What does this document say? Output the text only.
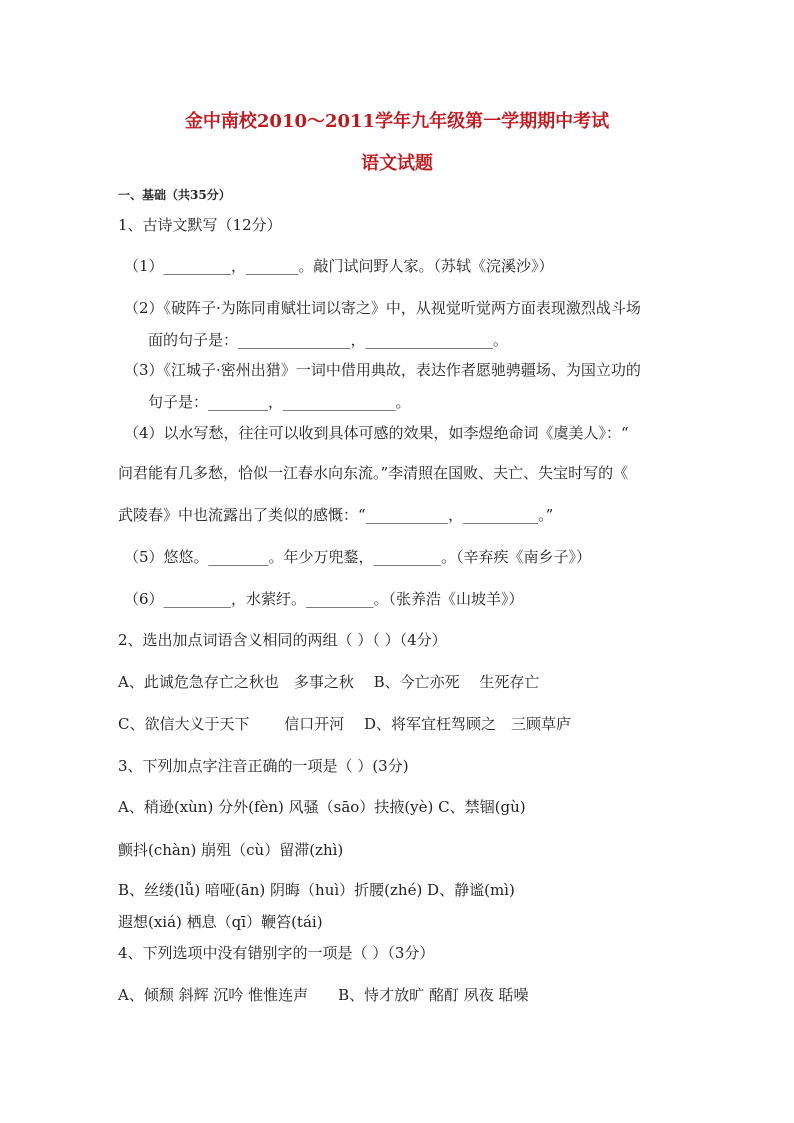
金中南校2010～2011学年九年级第一学期期中考试
语文试题
一、基础（共35分）
1、古诗文默写（12分）
（1）_________，_______。敲门试问野人家。（苏轼《浣溪沙》）
（2）《破阵子·为陈同甫赋壮词以寄之》中，从视觉听觉两方面表现激烈战斗场
面的句子是：_______________，_________________。
（3）《江城子·密州出猎》一词中借用典故，表达作者愿驰骋疆场、为国立功的
句子是：________，_______________。
（4）以水写愁，往往可以收到具体可感的效果，如李煜绝命词《虞美人》：“
问君能有几多愁，恰似一江春水向东流。”李清照在国败、夫亡、失宝时写的《
武陵春》中也流露出了类似的感慨：“___________，__________。”
（5）悠悠。________。年少万兜鍪，_________。（辛弃疾《南乡子》）
（6）_________，水萦纡。_________。（张养浩《山坡羊》）
2、选出加点词语含义相同的两组（ ）（ ）（4分）
A、此诚危急存亡之秋也　多事之秋　 B、今亡亦死　 生死存亡
C、欲信大义于天下　　 信口开河　 D、将军宜枉驾顾之　三顾草庐
3、下列加点字注音正确的一项是（ ）(3分)
A、稍逊(xùn) 分外(fèn) 风骚（sāo）扶掖(yè) C、禁锢(gù)
颤抖(chàn) 崩殂（cù）留滞(zhì)
B、丝缕(lǚ) 喑哑(ān) 阴晦（huì）折腰(zhé) D、静谧(mì)
遐想(xiá) 栖息（qī）鞭笞(tái)
4、下列选项中没有错别字的一项是（ ）（3分）
A、倾颓 斜辉 沉吟 惟惟连声　　B、恃才放旷 酩酊 夙夜 聒噪
